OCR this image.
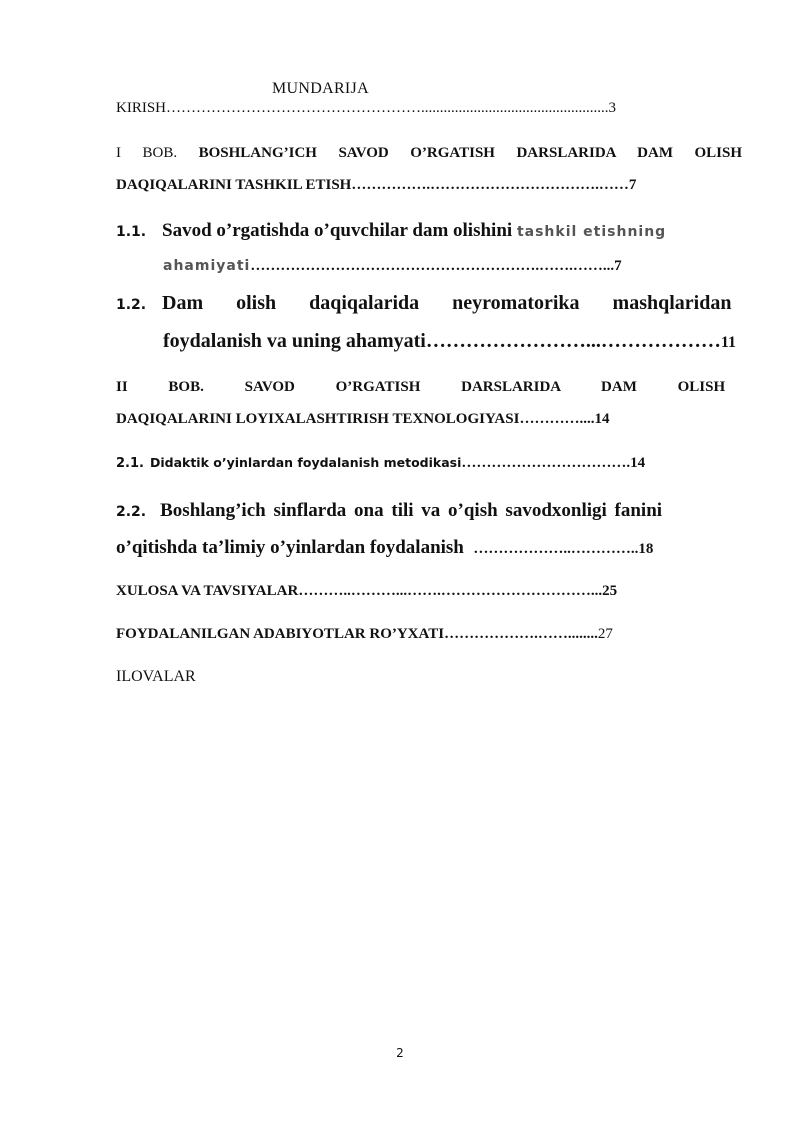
MUNDARIJA
KIRISH……………………………………………..................................................3
I BOB. BOSHLANG’ICH SAVOD O’RGATISH DARSLARIDA DAM OLISH
DAQIQALARINI TASHKIL ETISH…………….…………………………….……7
1.1. Savod o’rgatishda o’quvchilar dam olishini tashkil etishning
ahamiyati………………………………………………….…….……...7
1.2. Dam olish daqiqalarida neyromatorika mashqlaridan
foydalanish va uning ahamyati……………………...………………11
II BOB. SAVOD O’RGATISH DARSLARIDA DAM OLISH
DAQIQALARINI LOYIXALASHTIRISH TEXNOLOGIYASI…………....14
2.1. Didaktik o’yinlardan foydalanish metodikasi…………………………….14
2.2. Boshlang’ich sinflarda ona tili va o’qish savodxonligi fanini
o’qitishda ta’limiy o’yinlardan foydalanish ………………..…………..18
XULOSA VA TAVSIYALAR………..………...…….…………………………...25
FOYDALANILGAN ADABIYOTLAR RO’YXATI……………….……........27
ILOVALAR
2
